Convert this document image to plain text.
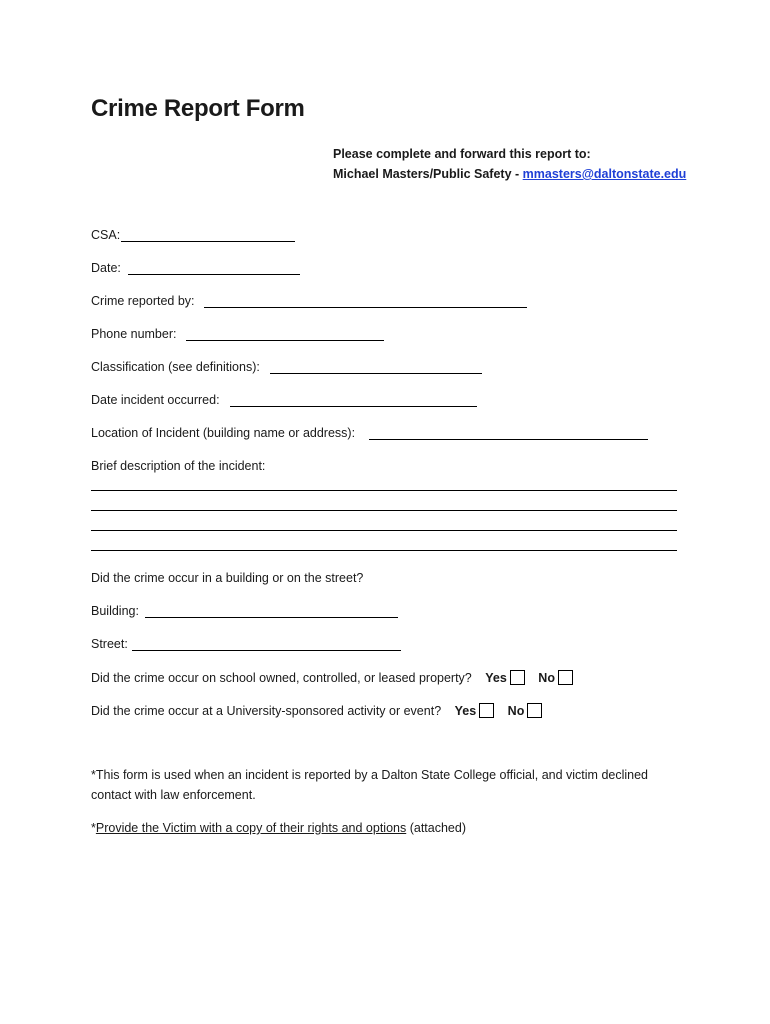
Crime Report Form
Please complete and forward this report to:
Michael Masters/Public Safety - mmasters@daltonstate.edu
CSA:
Date:
Crime reported by:
Phone number:
Classification (see definitions):
Date incident occurred:
Location of Incident (building name or address):
Brief description of the incident:
Did the crime occur in a building or on the street?
Building:
Street:
Did the crime occur on school owned, controlled, or leased property? Yes	No
Did the crime occur at a University-sponsored activity or event? Yes	No
*This form is used when an incident is reported by a Dalton State College official, and victim declined contact with law enforcement.
*Provide the Victim with a copy of their rights and options (attached)
